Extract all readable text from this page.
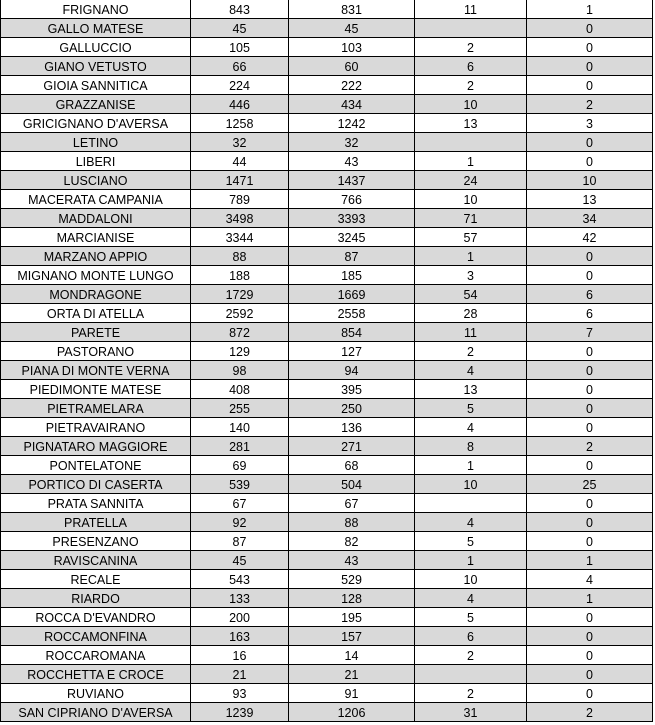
FRIGNANO	843	831	11	1
GALLO MATESE	45	45		0
GALLUCCIO	105	103	2	0
GIANO VETUSTO	66	60	6	0
GIOIA SANNITICA	224	222	2	0
GRAZZANISE	446	434	10	2
GRICIGNANO D'AVERSA	1258	1242	13	3
LETINO	32	32		0
LIBERI	44	43	1	0
LUSCIANO	1471	1437	24	10
MACERATA CAMPANIA	789	766	10	13
MADDALONI	3498	3393	71	34
MARCIANISE	3344	3245	57	42
MARZANO APPIO	88	87	1	0
MIGNANO MONTE LUNGO	188	185	3	0
MONDRAGONE	1729	1669	54	6
ORTA DI ATELLA	2592	2558	28	6
PARETE	872	854	11	7
PASTORANO	129	127	2	0
PIANA DI MONTE VERNA	98	94	4	0
PIEDIMONTE MATESE	408	395	13	0
PIETRAMELARA	255	250	5	0
PIETRAVAIRANO	140	136	4	0
PIGNATARO MAGGIORE	281	271	8	2
PONTELATONE	69	68	1	0
PORTICO DI CASERTA	539	504	10	25
PRATA SANNITA	67	67		0
PRATELLA	92	88	4	0
PRESENZANO	87	82	5	0
RAVISCANINA	45	43	1	1
RECALE	543	529	10	4
RIARDO	133	128	4	1
ROCCA D'EVANDRO	200	195	5	0
ROCCAMONFINA	163	157	6	0
ROCCAROMANA	16	14	2	0
ROCCHETTA E CROCE	21	21		0
RUVIANO	93	91	2	0
SAN CIPRIANO D'AVERSA	1239	1206	31	2
